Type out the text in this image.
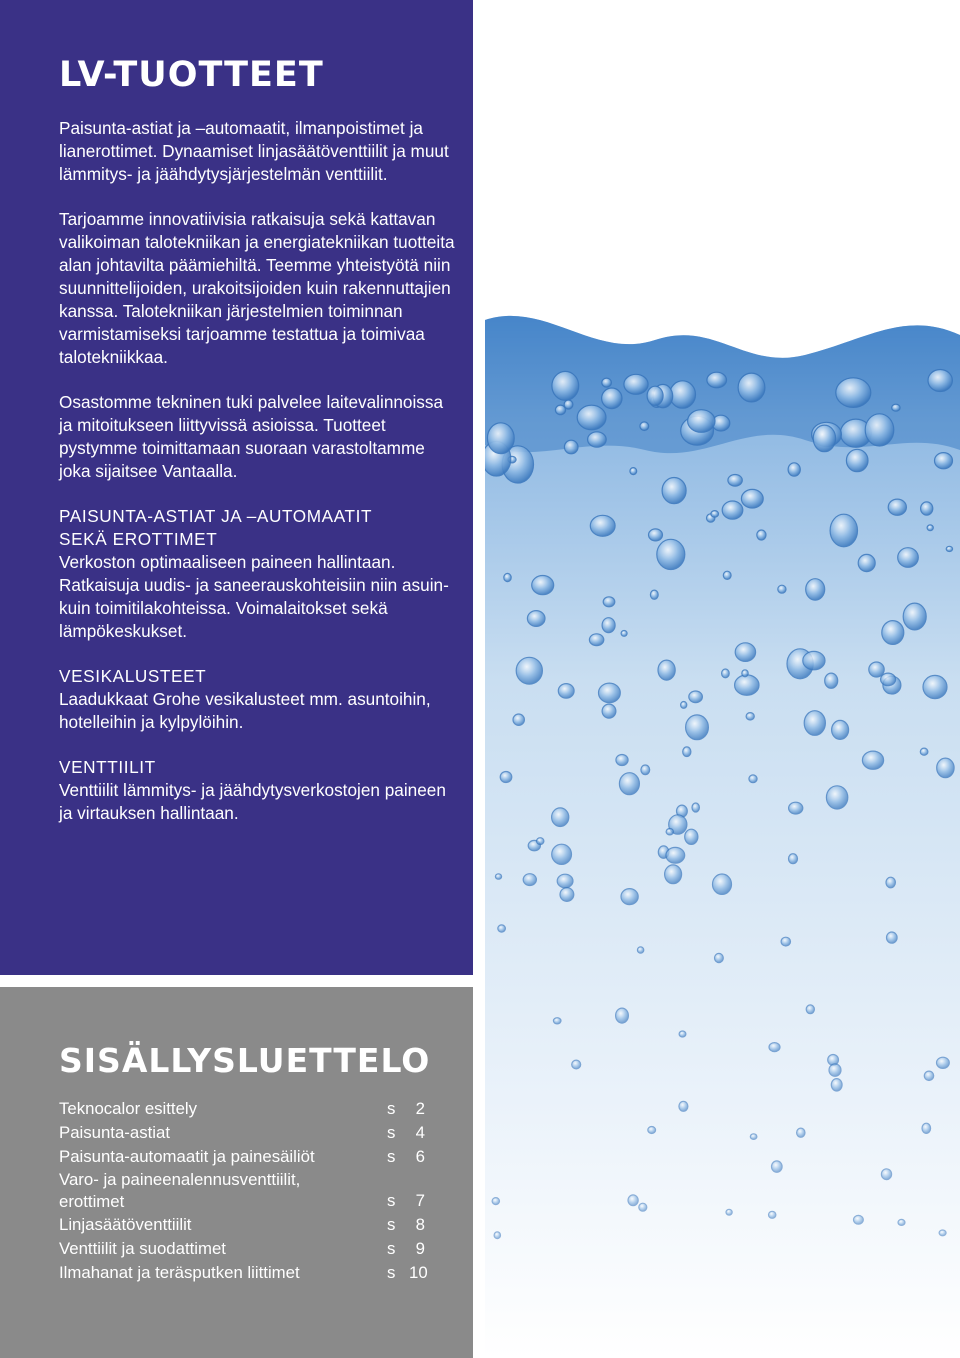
LV-TUOTTEET

Paisunta-astiat ja –automaatit, ilmanpoistimet ja lianerottimet. Dynaamiset linjasäätöventtiilit ja muut lämmitys- ja jäähdytysjärjestelmän venttiilit.

Tarjoamme innovatiivisia ratkaisuja sekä kattavan valikoiman talotekniikan ja energiatekniikan tuotteita alan johtavilta päämiehiltä. Teemme yhteistyötä niin suunnittelijoiden, urakoitsijoiden kuin rakennuttajien kanssa. Talotekniikan järjestelmien toiminnan varmistamiseksi tarjoamme testattua ja toimivaa talotekniikkaa.

Osastomme tekninen tuki palvelee laitevalinnoissa ja mitoitukseen liittyvissä asioissa. Tuotteet pystymme toimittamaan suoraan varastoltamme joka sijaitsee Vantaalla.

PAISUNTA-ASTIAT JA –AUTOMAATIT

SEKÄ EROTTIMET

Verkoston optimaaliseen paineen hallintaan. Ratkaisuja uudis- ja saneerauskohteisiin niin asuin- kuin toimitilakohteissa. Voimalaitokset sekä lämpökeskukset.

VESIKALUSTEET

Laadukkaat Grohe vesikalusteet mm. asuntoihin, hotelleihin ja kylpylöihin.

VENTTIILIT

Venttiilit lämmitys- ja jäähdytysverkostojen paineen ja virtauksen hallintaan.

SISÄLLYSLUETTELO
Teknocalor esittely	s	2
Paisunta-astiat	s	4
Paisunta-automaatit ja painesäiliöt	s	6
Varo- ja paineenalennusventtiilit, erottimet	s	7
Linjasäätöventtiilit	s	8
Venttiilit ja suodattimet	s	9
Ilmahanat ja teräsputken liittimet	s 10
